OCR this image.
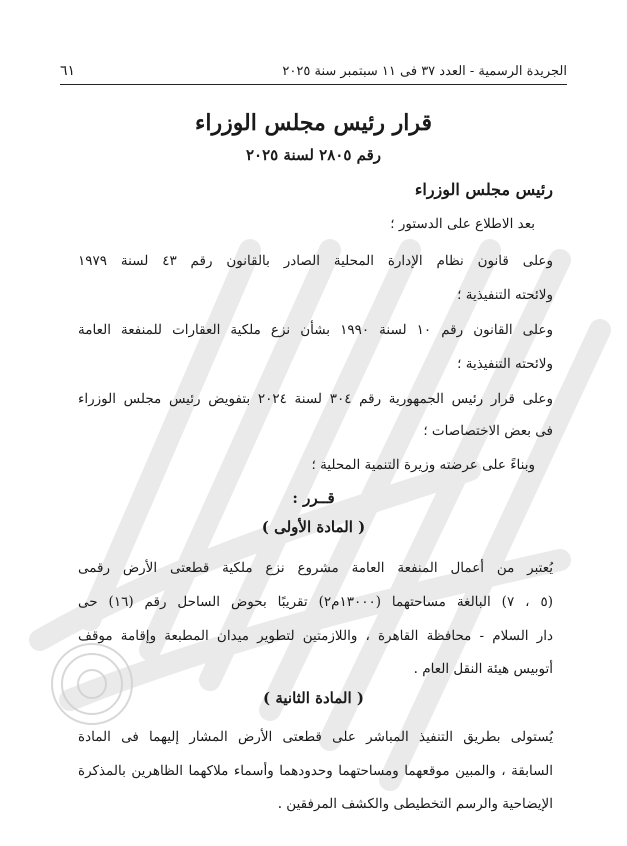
الجريدة الرسمية - العدد ٣٧ فى ١١ سبتمبر سنة ٢٠٢٥
٦١
قرار رئيس مجلس الوزراء
رقم ٢٨٠٥ لسنة ٢٠٢٥
رئيس مجلس الوزراء
بعد الاطلاع على الدستور ؛
وعلى قانون نظام الإدارة المحلية الصادر بالقانون رقم ٤٣ لسنة ١٩٧٩
ولائحته التنفيذية ؛
وعلى القانون رقم ١٠ لسنة ١٩٩٠ بشأن نزع ملكية العقارات للمنفعة العامة
ولائحته التنفيذية ؛
وعلى قرار رئيس الجمهورية رقم ٣٠٤ لسنة ٢٠٢٤ بتفويض رئيس مجلس الوزراء
فى بعض الاختصاصات ؛
وبناءً على عرضته وزيرة التنمية المحلية ؛
قــرر :
( المادة الأولى )
يُعتبر من أعمال المنفعة العامة مشروع نزع ملكية قطعتى الأرض رقمى
(٥ ، ٧) البالغة مساحتهما (١٣٠٠٠م٢) تقريبًا بحوض الساحل رقم (١٦) حى
دار السلام - محافظة القاهرة ، واللازمتين لتطوير ميدان المطبعة وإقامة موقف
أتوبيس هيئة النقل العام .
( المادة الثانية )
يُستولى بطريق التنفيذ المباشر على قطعتى الأرض المشار إليهما فى المادة
السابقة ، والمبين موقعهما ومساحتهما وحدودهما وأسماء ملاكهما الظاهرين بالمذكرة
الإيضاحية والرسم التخطيطى والكشف المرفقين .
